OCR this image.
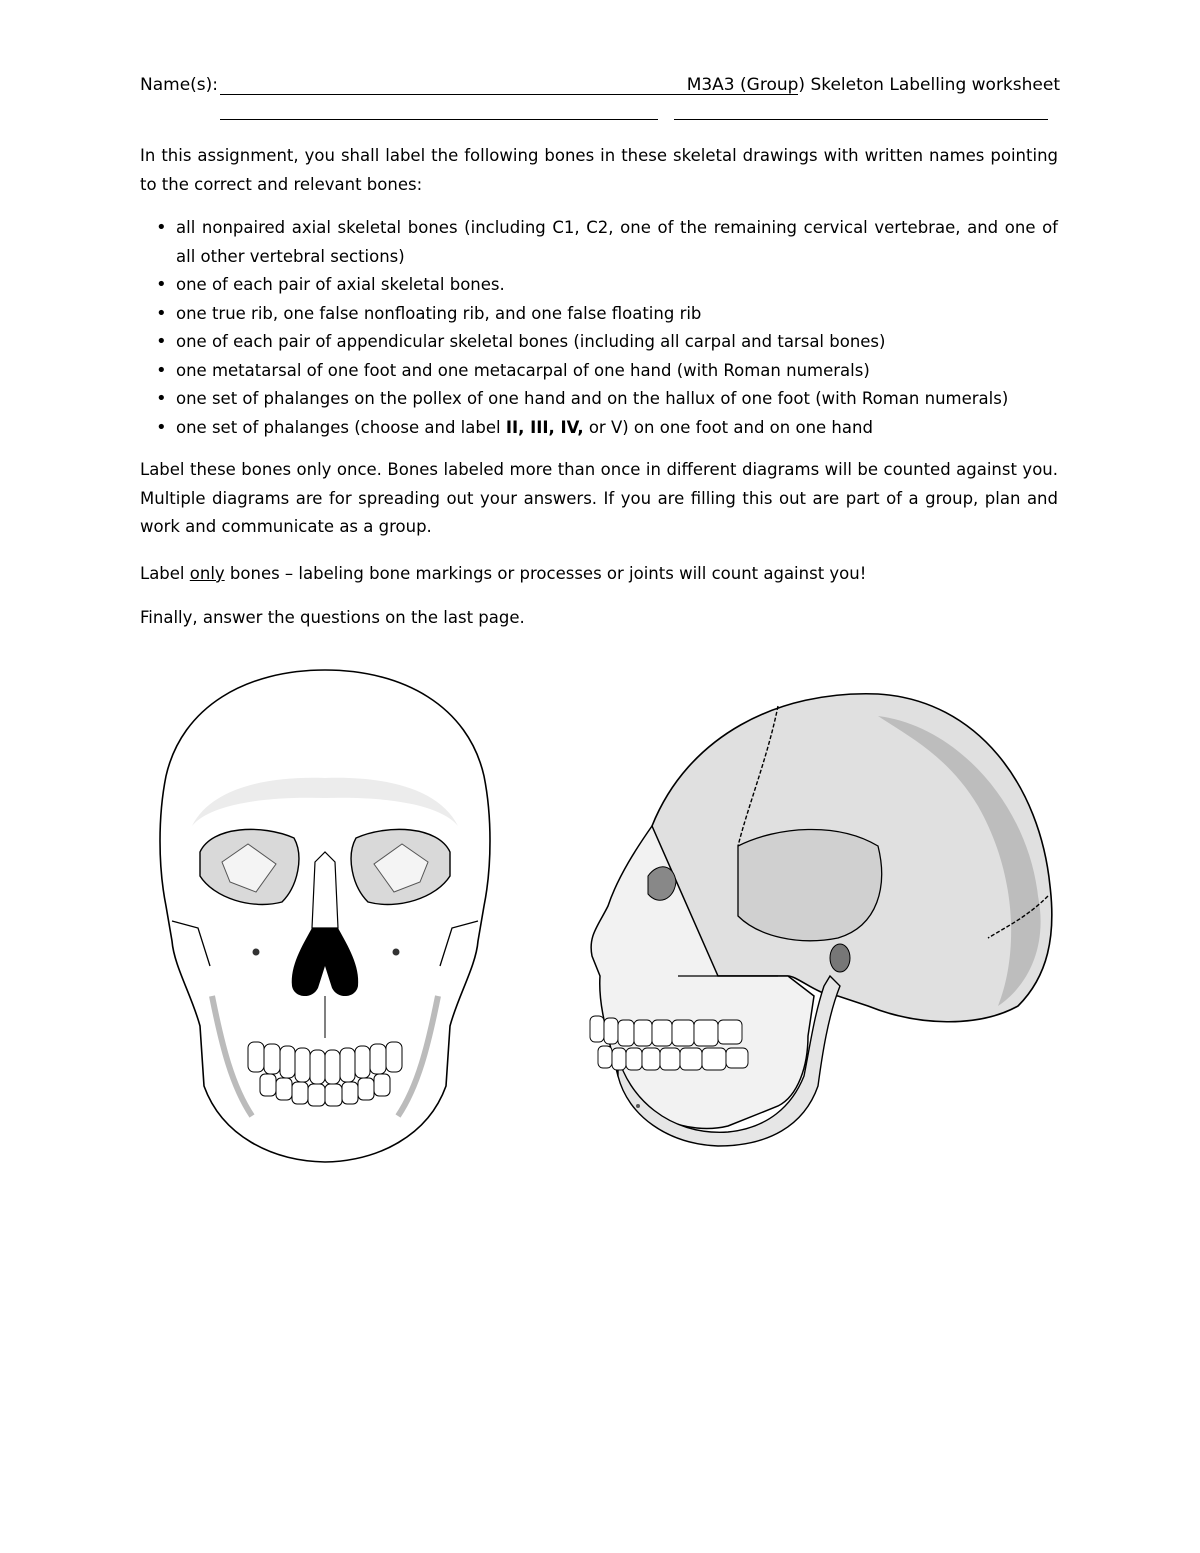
Name(s):	M3A3 (Group) Skeleton Labelling worksheet

In this assignment, you shall label the following bones in these skeletal drawings with written names pointing to the correct and relevant bones:

• all nonpaired axial skeletal bones (including C1, C2, one of the remaining cervical vertebrae, and one of all other vertebral sections)
• one of each pair of axial skeletal bones.
• one true rib, one false nonfloating rib, and one false floating rib
• one of each pair of appendicular skeletal bones (including all carpal and tarsal bones)
• one metatarsal of one foot and one metacarpal of one hand (with Roman numerals)
• one set of phalanges on the pollex of one hand and on the hallux of one foot (with Roman numerals)
• one set of phalanges (choose and label II, III, IV, or V) on one foot and on one hand

Label these bones only once. Bones labeled more than once in different diagrams will be counted against you. Multiple diagrams are for spreading out your answers. If you are filling this out are part of a group, plan and work and communicate as a group.

Label only bones – labeling bone markings or processes or joints will count against you!

Finally, answer the questions on the last page.
